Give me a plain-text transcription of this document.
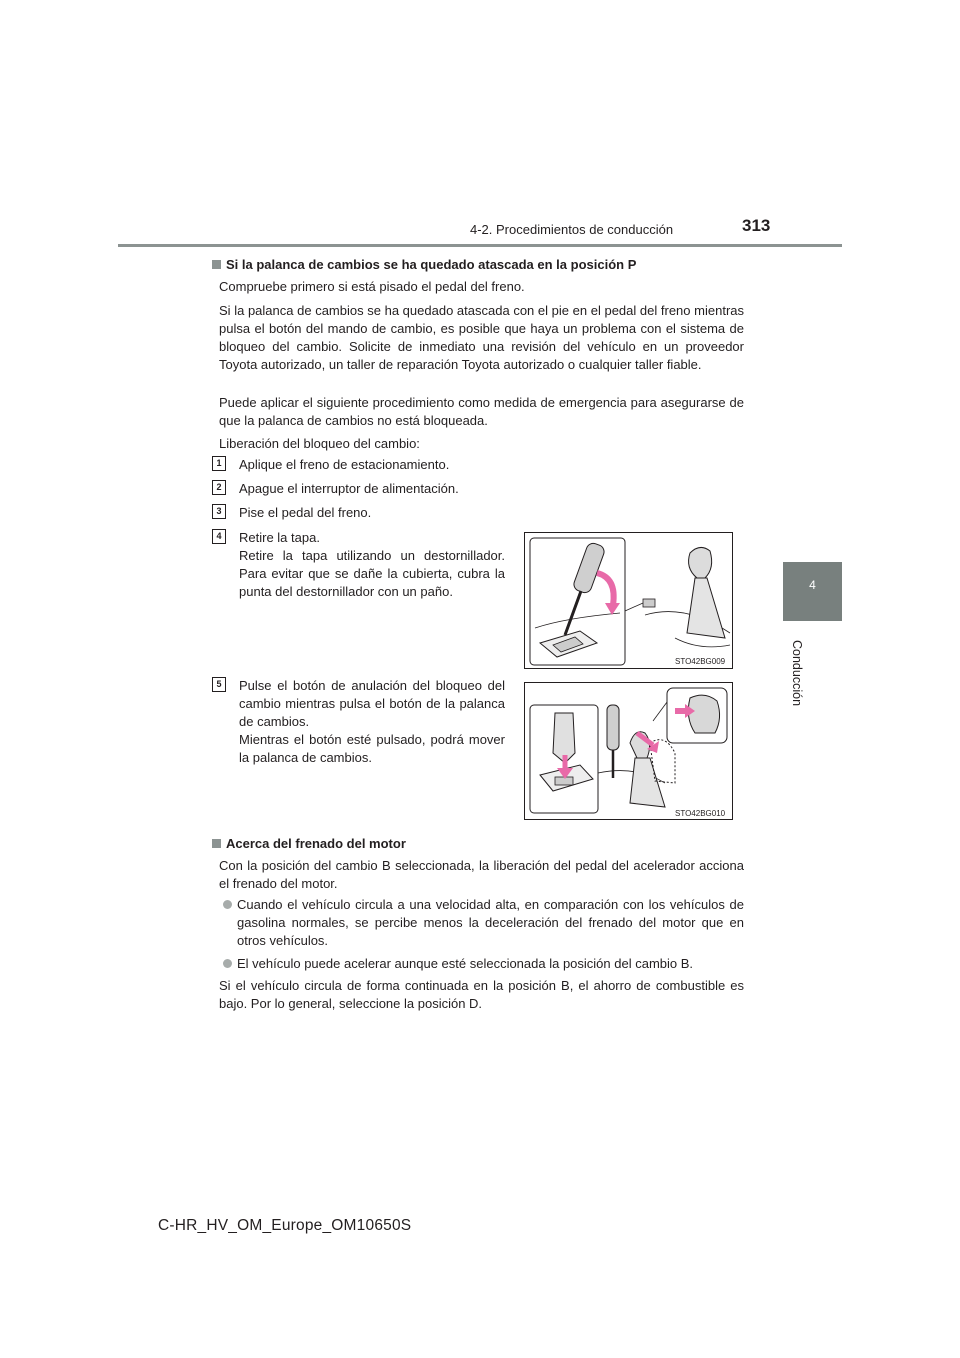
4-2. Procedimientos de conducción	313
4
Conducción
Si la palanca de cambios se ha quedado atascada en la posición P
Compruebe primero si está pisado el pedal del freno.
Si la palanca de cambios se ha quedado atascada con el pie en el pedal del freno mientras pulsa el botón del mando de cambio, es posible que haya un problema con el sistema de bloqueo del cambio. Solicite de inmediato una revisión del vehículo en un proveedor Toyota autorizado, un taller de reparación Toyota autorizado o cualquier taller fiable.
Puede aplicar el siguiente procedimiento como medida de emergencia para asegurarse de que la palanca de cambios no está bloqueada.
Liberación del bloqueo del cambio:
1	Aplique el freno de estacionamiento.
2	Apague el interruptor de alimentación.
3	Pise el pedal del freno.
4	Retire la tapa.
Retire la tapa utilizando un destornillador. Para evitar que se dañe la cubierta, cubra la punta del destornillador con un paño.
5	Pulse el botón de anulación del bloqueo del cambio mientras pulsa el botón de la palanca de cambios.
Mientras el botón esté pulsado, podrá mover la palanca de cambios.
STO42BG009
STO42BG010
Acerca del frenado del motor
Con la posición del cambio B seleccionada, la liberación del pedal del acelerador acciona el frenado del motor.
Cuando el vehículo circula a una velocidad alta, en comparación con los vehículos de gasolina normales, se percibe menos la deceleración del frenado del motor que en otros vehículos.
El vehículo puede acelerar aunque esté seleccionada la posición del cambio B.
Si el vehículo circula de forma continuada en la posición B, el ahorro de combustible es bajo. Por lo general, seleccione la posición D.
C-HR_HV_OM_Europe_OM10650S
